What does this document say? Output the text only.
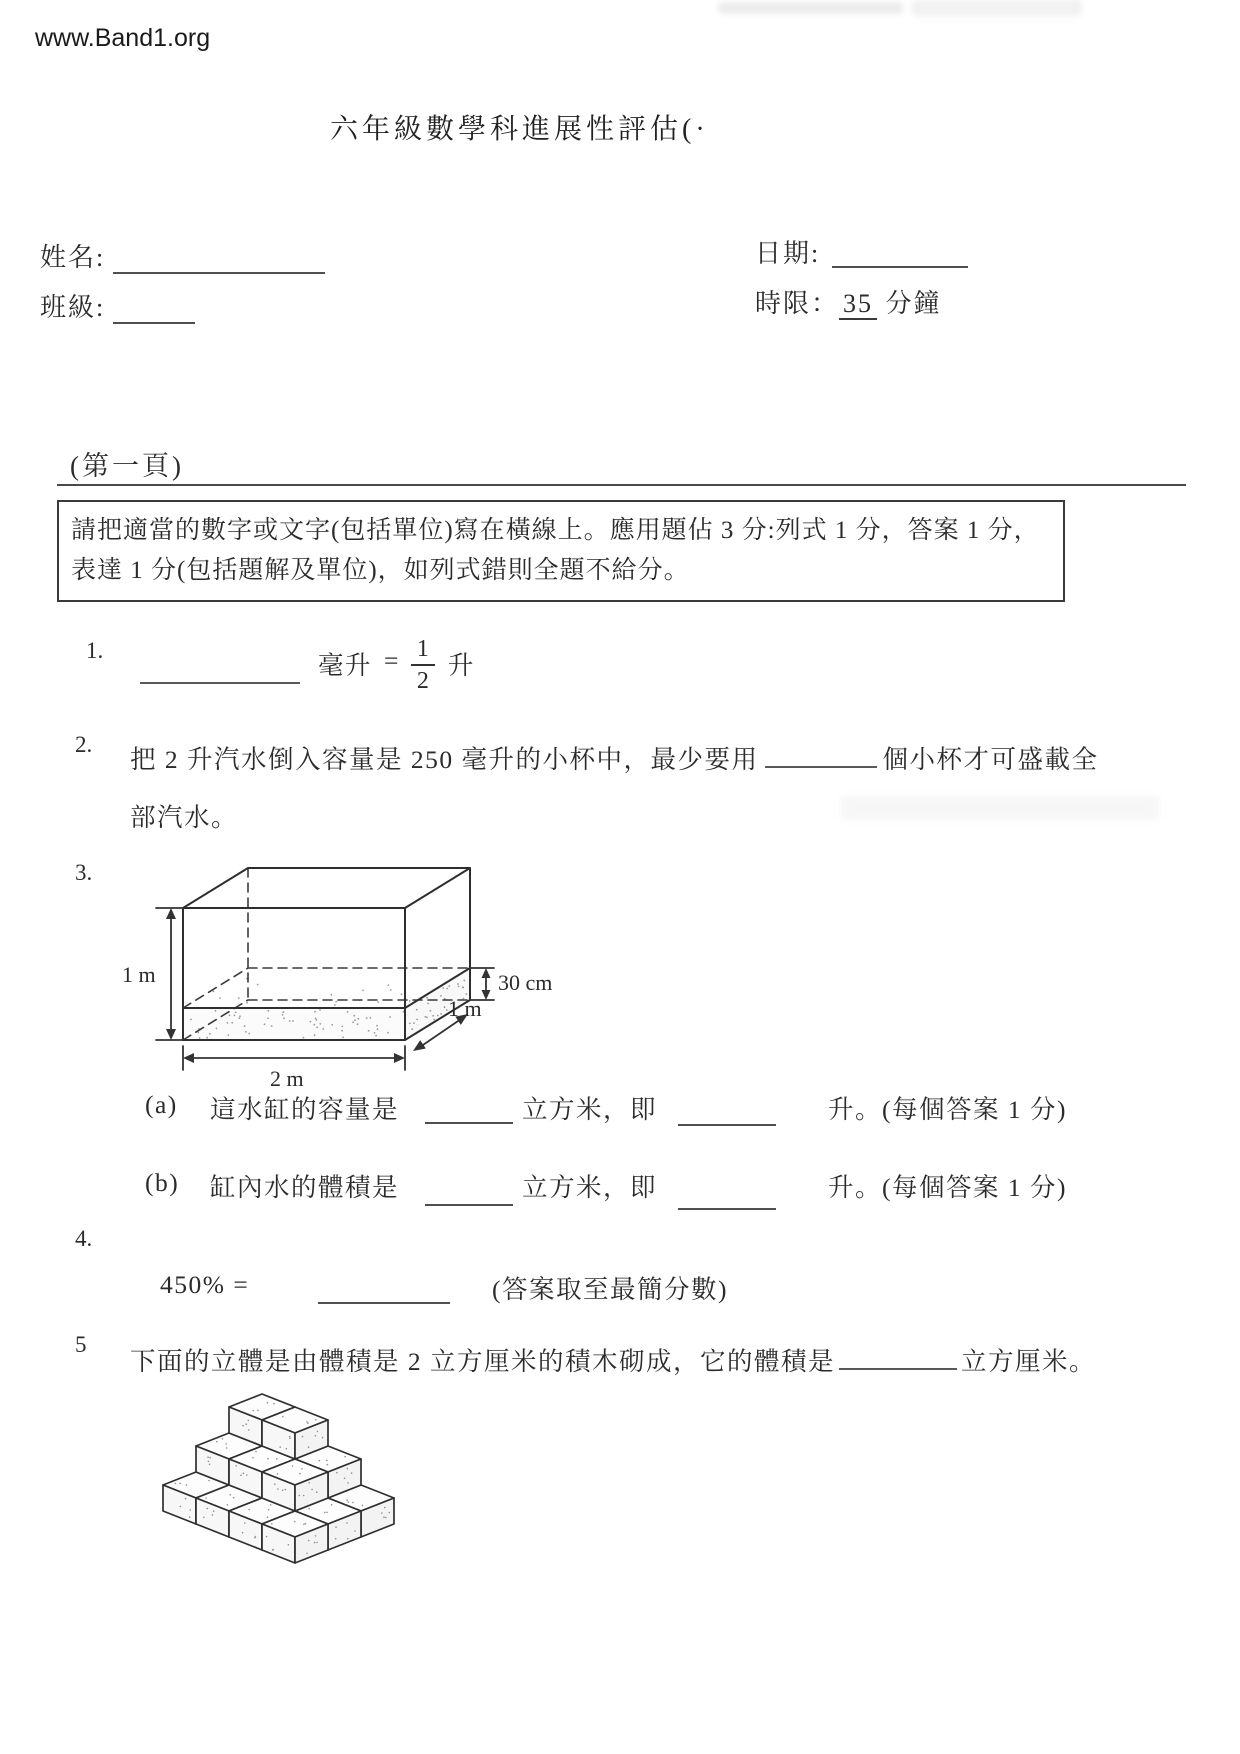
www.Band1.org
六年級數學科進展性評估(·
姓名:	日期:
班級:	時限： 35 分鐘
(第一頁)
請把適當的數字或文字(包括單位)寫在橫線上。應用題佔 3 分:列式 1 分，答案 1 分，
表達 1 分(包括題解及單位)，如列式錯則全題不給分。
1.
毫升 = $\frac{1}{2}$ 升
2.
把 2 升汽水倒入容量是 250 毫升的小杯中，最少要用	個小杯才可盛載全
部汽水。
3.
(a) 這水缸的容量是	立方米，即	升。(每個答案 1 分)
(b) 缸內水的體積是	立方米，即	升。(每個答案 1 分)
4.
450% =	(答案取至最簡分數)
5
下面的立體是由體積是 2 立方厘米的積木砌成，它的體積是	立方厘米。
1 m	30 cm
1 m
2 m
